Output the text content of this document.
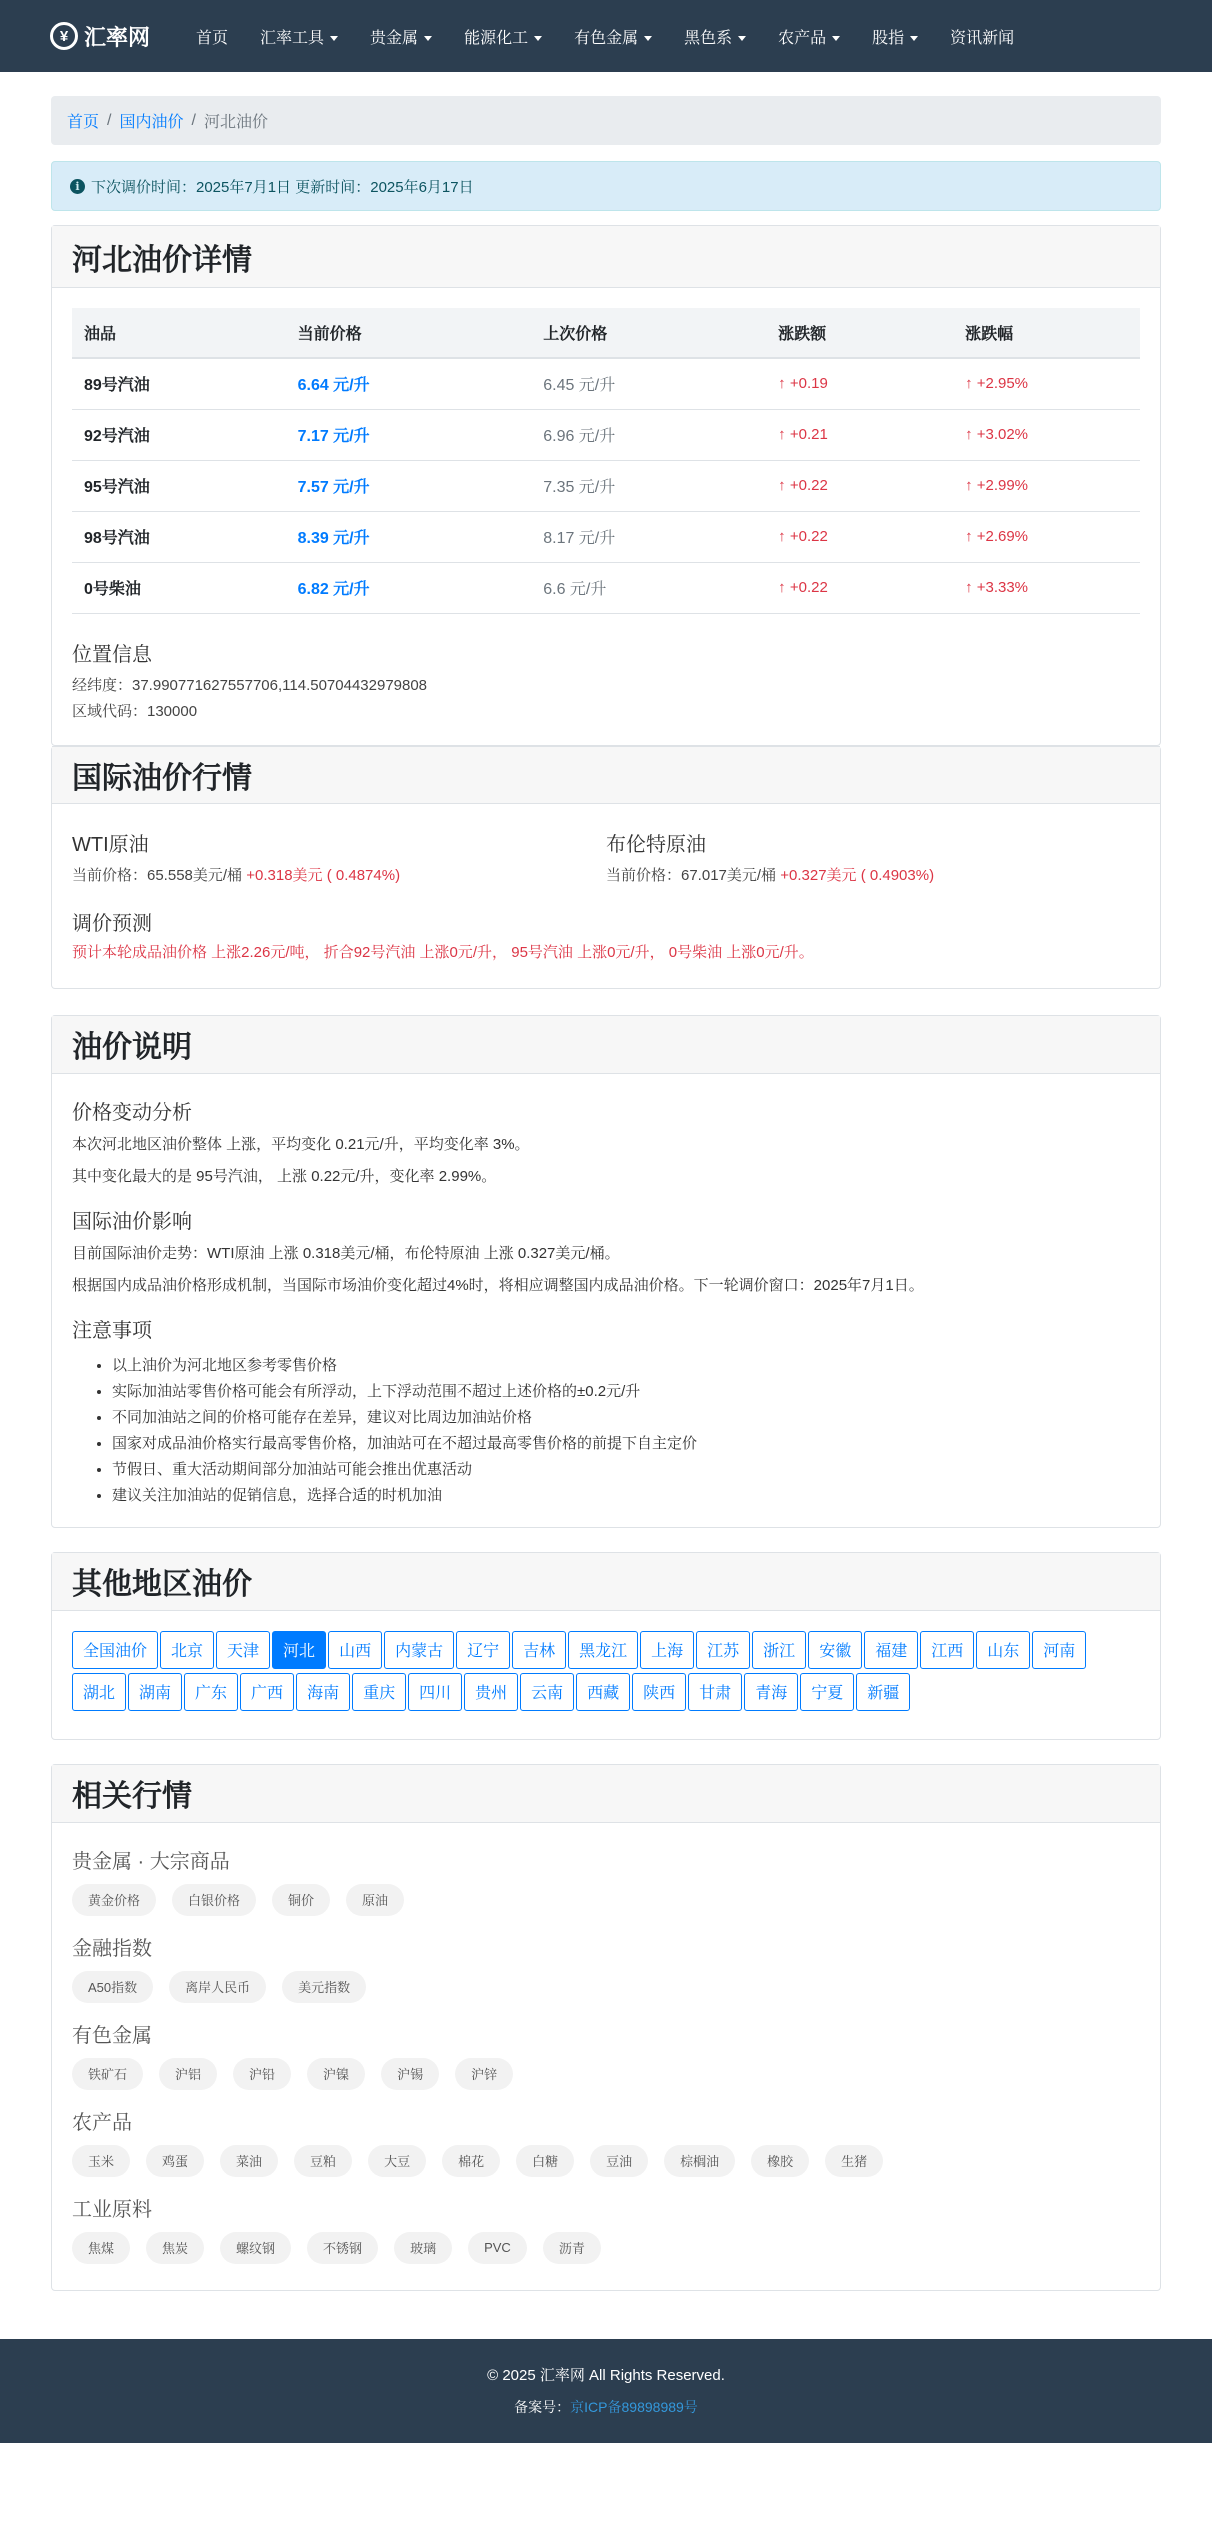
¥ 汇率网	首页	汇率工具	贵金属	能源化工	有色金属	黑色系	农产品	股指	资讯新闻
首页 / 国内油价 / 河北油价
i 下次调价时间：2025年7月1日 更新时间：2025年6月17日
河北油价详情
油品	当前价格	上次价格	涨跌额	涨跌幅
89号汽油	6.64 元/升	6.45 元/升	↑ +0.19	↑ +2.95%
92号汽油	7.17 元/升	6.96 元/升	↑ +0.21	↑ +3.02%
95号汽油	7.57 元/升	7.35 元/升	↑ +0.22	↑ +2.99%
98号汽油	8.39 元/升	8.17 元/升	↑ +0.22	↑ +2.69%
0号柴油	6.82 元/升	6.6 元/升	↑ +0.22	↑ +3.33%
位置信息
经纬度：37.990771627557706,114.50704432979808
区域代码：130000
国际油价行情
WTI原油
当前价格：65.558美元/桶 +0.318美元 ( 0.4874%)
布伦特原油
当前价格：67.017美元/桶 +0.327美元 ( 0.4903%)
调价预测
预计本轮成品油价格 上涨2.26元/吨， 折合92号汽油 上涨0元/升， 95号汽油 上涨0元/升， 0号柴油 上涨0元/升。
油价说明
价格变动分析
本次河北地区油价整体 上涨，平均变化 0.21元/升，平均变化率 3%。
其中变化最大的是 95号汽油， 上涨 0.22元/升，变化率 2.99%。
国际油价影响
目前国际油价走势：WTI原油 上涨 0.318美元/桶，布伦特原油 上涨 0.327美元/桶。
根据国内成品油价格形成机制，当国际市场油价变化超过4%时，将相应调整国内成品油价格。下一轮调价窗口：2025年7月1日。
注意事项
• 以上油价为河北地区参考零售价格
• 实际加油站零售价格可能会有所浮动，上下浮动范围不超过上述价格的±0.2元/升
• 不同加油站之间的价格可能存在差异，建议对比周边加油站价格
• 国家对成品油价格实行最高零售价格，加油站可在不超过最高零售价格的前提下自主定价
• 节假日、重大活动期间部分加油站可能会推出优惠活动
• 建议关注加油站的促销信息，选择合适的时机加油
其他地区油价
全国油价	北京	天津	河北	山西	内蒙古	辽宁	吉林	黑龙江	上海	江苏	浙江	安徽	福建	江西	山东	河南
湖北	湖南	广东	广西	海南	重庆	四川	贵州	云南	西藏	陕西	甘肃	青海	宁夏	新疆
相关行情
贵金属 · 大宗商品
黄金价格	白银价格	铜价	原油
金融指数
A50指数	离岸人民币	美元指数
有色金属
铁矿石	沪铝	沪铅	沪镍	沪锡	沪锌
农产品
玉米	鸡蛋	菜油	豆粕	大豆	棉花	白糖	豆油	棕榈油	橡胶	生猪
工业原料
焦煤	焦炭	螺纹钢	不锈钢	玻璃	PVC	沥青
© 2025 汇率网 All Rights Reserved.
备案号：京ICP备89898989号
